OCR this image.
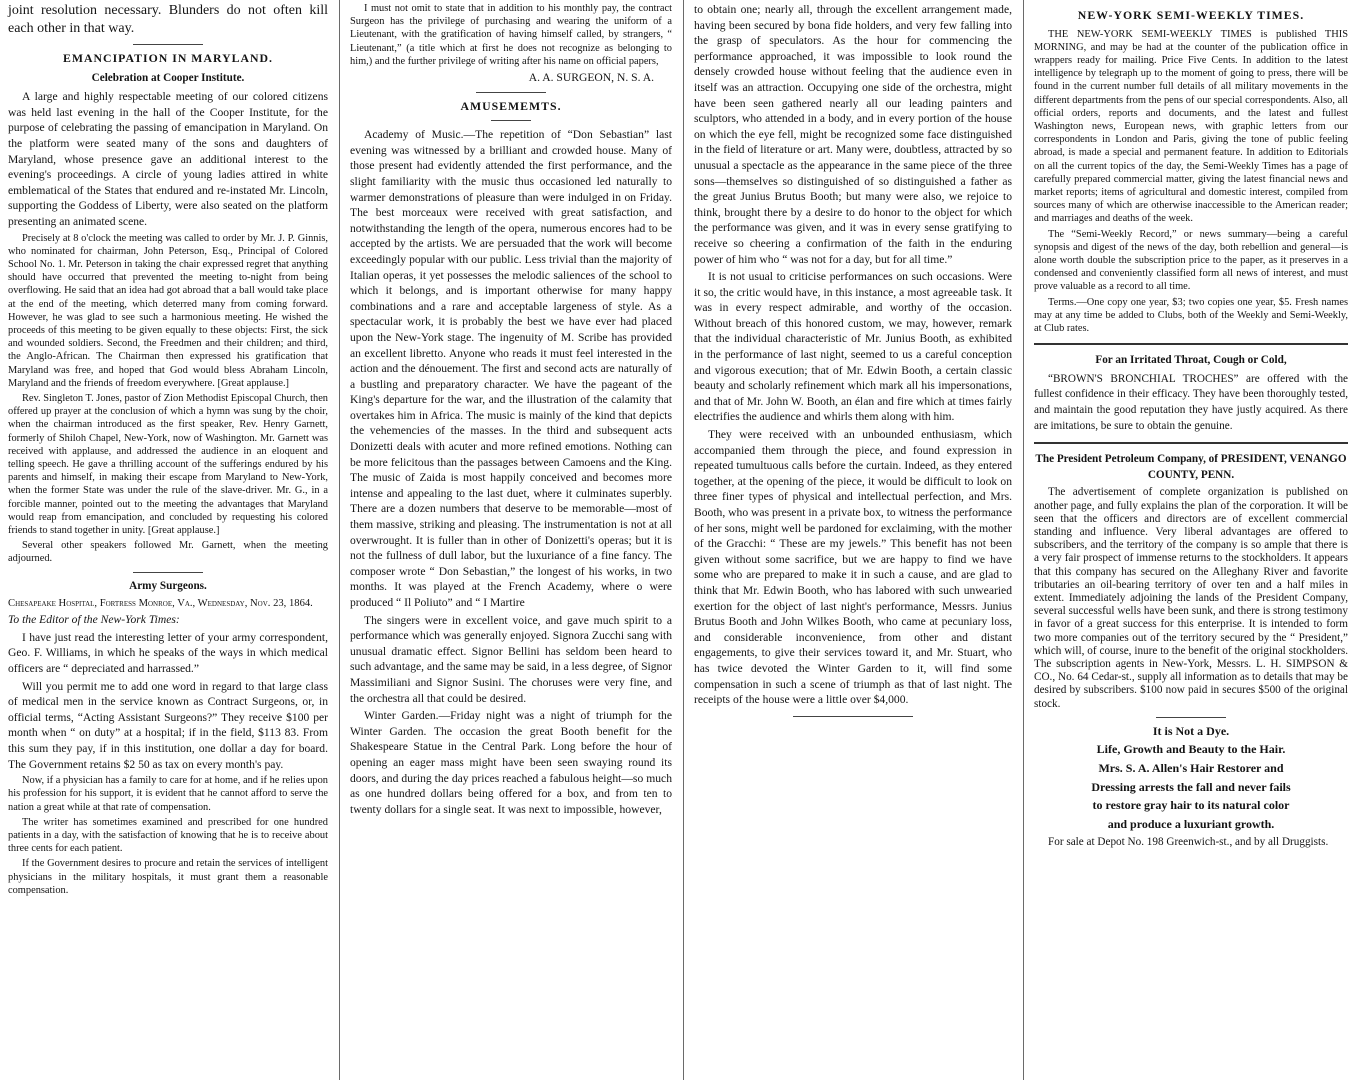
joint resolution necessary. Blunders do not often kill each other in that way.

EMANCIPATION IN MARYLAND.
Celebration at Cooper Institute.

A large and highly respectable meeting of our colored citizens was held last evening in the hall of the Cooper Institute, for the purpose of celebrating the passing of emancipation in Maryland. On the platform were seated many of the sons and daughters of Maryland, whose presence gave an additional interest to the evening's proceedings. A circle of young ladies attired in white emblematical of the States that endured and re-instated Mr. Lincoln, supporting the Goddess of Liberty, were also seated on the platform presenting an animated scene.

Precisely at 8 o'clock the meeting was called to order by Mr. J. P. Ginnis, who nominated for chairman, John Peterson, Esq., Principal of Colored School No. 1. Mr. Peterson in taking the chair expressed regret that anything should have occurred that prevented the meeting to-night from being overflowing. He said that an idea had got abroad that a ball would take place at the end of the meeting, which deterred many from coming forward. However, he was glad to see such a harmonious meeting. He wished the proceeds of this meeting to be given equally to these objects: First, the sick and wounded soldiers. Second, the Freedmen and their children; and third, the Anglo-African. The Chairman then expressed his gratification that Maryland was free, and hoped that God would bless Abraham Lincoln, Maryland and the friends of freedom everywhere. [Great applause.]

Rev. Singleton T. Jones, pastor of Zion Methodist Episcopal Church, then offered up prayer at the conclusion of which a hymn was sung by the choir, when the chairman introduced as the first speaker, Rev. Henry Garnett, formerly of Shiloh Chapel, New-York, now of Washington. Mr. Garnett was received with applause, and addressed the audience in an eloquent and telling speech. He gave a thrilling account of the sufferings endured by his parents and himself, in making their escape from Maryland to New-York, when the former State was under the rule of the slave-driver. Mr. G., in a forcible manner, pointed out to the meeting the advantages that Maryland would reap from emancipation, and concluded by requesting his colored friends to stand together in unity. [Great applause.]

Several other speakers followed Mr. Garnett, when the meeting adjourned.

Army Surgeons.

Chesapeake Hospital, Fortress Monroe, Va., Wednesday, Nov. 23, 1864.

To the Editor of the New-York Times:

I have just read the interesting letter of your army correspondent, Geo. F. Williams, in which he speaks of the ways in which medical officers are “ depreciated and harrassed.”

Will you permit me to add one word in regard to that large class of medical men in the service known as Contract Surgeons, or, in official terms, “Acting Assistant Surgeons?” They receive $100 per month when “ on duty” at a hospital; if in the field, $113 83. From this sum they pay, if in this institution, one dollar a day for board. The Government retains $2 50 as tax on every month's pay.

Now, if a physician has a family to care for at home, and if he relies upon his profession for his support, it is evident that he cannot afford to serve the nation a great while at that rate of compensation.

The writer has sometimes examined and prescribed for one hundred patients in a day, with the satisfaction of knowing that he is to receive about three cents for each patient.

If the Government desires to procure and retain the services of intelligent physicians in the military hospitals, it must grant them a reasonable compensation.

I must not omit to state that in addition to his monthly pay, the contract Surgeon has the privilege of purchasing and wearing the uniform of a Lieutenant, with the gratification of having himself called, by strangers, “ Lieutenant,” (a title which at first he does not recognize as belonging to him,) and the further privilege of writing after his name on official papers,

A. A. SURGEON, N. S. A.

AMUSEMEMTS.

Academy of Music.—The repetition of “Don Sebastian” last evening was witnessed by a brilliant and crowded house. Many of those present had evidently attended the first performance, and the slight familiarity with the music thus occasioned led naturally to warmer demonstrations of pleasure than were indulged in on Friday. The best morceaux were received with great satisfaction, and notwithstanding the length of the opera, numerous encores had to be accepted by the artists. We are persuaded that the work will become exceedingly popular with our public. Less trivial than the majority of Italian operas, it yet possesses the melodic saliences of the school to which it belongs, and is important otherwise for many happy combinations and a rare and acceptable largeness of style. As a spectacular work, it is probably the best we have ever had placed upon the New-York stage. The ingenuity of M. Scribe has provided an excellent libretto. Anyone who reads it must feel interested in the action and the dénouement. The first and second acts are naturally of a bustling and preparatory character. We have the pageant of the King's departure for the war, and the illustration of the calamity that overtakes him in Africa. The music is mainly of the kind that depicts the vehemencies of the masses. In the third and subsequent acts Donizetti deals with acuter and more refined emotions. Nothing can be more felicitous than the passages between Camoens and the King. The music of Zaida is most happily conceived and becomes more intense and appealing to the last duet, where it culminates superbly. There are a dozen numbers that deserve to be memorable—most of them massive, striking and pleasing. The instrumentation is not at all overwrought. It is fuller than in other of Donizetti's operas; but it is not the fullness of dull labor, but the luxuriance of a fine fancy. The composer wrote “ Don Sebastian,” the longest of his works, in two months. It was played at the French Academy, where o were produced “ Il Poliuto” and “ I Martire

The singers were in excellent voice, and gave much spirit to a performance which was generally enjoyed. Signora Zucchi sang with unusual dramatic effect. Signor Bellini has seldom been heard to such advantage, and the same may be said, in a less degree, of Signor Massimiliani and Signor Susini. The choruses were very fine, and the orchestra all that could be desired.

Winter Garden.—Friday night was a night of triumph for the Winter Garden. The occasion the great Booth benefit for the Shakespeare Statue in the Central Park. Long before the hour of opening an eager mass might have been seen swaying round its doors, and during the day prices reached a fabulous height—so much as one hundred dollars being offered for a box, and from ten to twenty dollars for a single seat. It was next to impossible, however,

to obtain one; nearly all, through the excellent arrangement made, having been secured by bona fide holders, and very few falling into the grasp of speculators. As the hour for commencing the performance approached, it was impossible to look round the densely crowded house without feeling that the audience even in itself was an attraction. Occupying one side of the orchestra, might have been seen gathered nearly all our leading painters and sculptors, who attended in a body, and in every portion of the house on which the eye fell, might be recognized some face distinguished in the field of literature or art. Many were, doubtless, attracted by so unusual a spectacle as the appearance in the same piece of the three sons—themselves so distinguished of so distinguished a father as the great Junius Brutus Booth; but many were also, we rejoice to think, brought there by a desire to do honor to the object for which the performance was given, and it was in every sense gratifying to receive so cheering a confirmation of the faith in the enduring power of him who “ was not for a day, but for all time.”

It is not usual to criticise performances on such occasions. Were it so, the critic would have, in this instance, a most agreeable task. It was in every respect admirable, and worthy of the occasion. Without breach of this honored custom, we may, however, remark that the individual characteristic of Mr. Junius Booth, as exhibited in the performance of last night, seemed to us a careful conception and vigorous execution; that of Mr. Edwin Booth, a certain classic beauty and scholarly refinement which mark all his impersonations, and that of Mr. John W. Booth, an élan and fire which at times fairly electrifies the audience and whirls them along with him.

They were received with an unbounded enthusiasm, which accompanied them through the piece, and found expression in repeated tumultuous calls before the curtain. Indeed, as they entered together, at the opening of the piece, it would be difficult to look on three finer types of physical and intellectual perfection, and Mrs. Booth, who was present in a private box, to witness the performance of her sons, might well be pardoned for exclaiming, with the mother of the Gracchi: “ These are my jewels.” This benefit has not been given without some sacrifice, but we are happy to find we have some who are prepared to make it in such a cause, and are glad to think that Mr. Edwin Booth, who has labored with such unwearied exertion for the object of last night's performance, Messrs. Junius Brutus Booth and John Wilkes Booth, who came at pecuniary loss, and considerable inconvenience, from other and distant engagements, to give their services toward it, and Mr. Stuart, who has twice devoted the Winter Garden to it, will find some compensation in such a scene of triumph as that of last night. The receipts of the house were a little over $4,000.

NEW-YORK SEMI-WEEKLY TIMES.

THE NEW-YORK SEMI-WEEKLY TIMES is published THIS MORNING, and may be had at the counter of the publication office in wrappers ready for mailing. Price Five Cents. In addition to the latest intelligence by telegraph up to the moment of going to press, there will be found in the current number full details of all military movements in the different departments from the pens of our special correspondents. Also, all official orders, reports and documents, and the latest and fullest Washington news, European news, with graphic letters from our correspondents in London and Paris, giving the tone of public feeling abroad, is made a special and permanent feature. In addition to Editorials on all the current topics of the day, the Semi-Weekly Times has a page of carefully prepared commercial matter, giving the latest financial news and market reports; items of agricultural and domestic interest, compiled from sources many of which are otherwise inaccessible to the American reader; and marriages and deaths of the week.

The “Semi-Weekly Record,” or news summary—being a careful synopsis and digest of the news of the day, both rebellion and general—is alone worth double the subscription price to the paper, as it preserves in a condensed and conveniently classified form all news of interest, and must prove valuable as a record to all time.

Terms.—One copy one year, $3; two copies one year, $5. Fresh names may at any time be added to Clubs, both of the Weekly and Semi-Weekly, at Club rates.

For an Irritated Throat, Cough or Cold,

“BROWN'S BRONCHIAL TROCHES” are offered with the fullest confidence in their efficacy. They have been thoroughly tested, and maintain the good reputation they have justly acquired. As there are imitations, be sure to obtain the genuine.

The President Petroleum Company, of PRESIDENT, VENANGO COUNTY, PENN.

The advertisement of complete organization is published on another page, and fully explains the plan of the corporation. It will be seen that the officers and directors are of excellent commercial standing and influence. Very liberal advantages are offered to subscribers, and the territory of the company is so ample that there is a very fair prospect of immense returns to the stockholders. It appears that this company has secured on the Alleghany River and favorite tributaries an oil-bearing territory of over ten and a half miles in extent. Immediately adjoining the lands of the President Company, several successful wells have been sunk, and there is strong testimony in favor of a great success for this enterprise. It is intended to form two more companies out of the territory secured by the “ President,” which will, of course, inure to the benefit of the original stockholders. The subscription agents in New-York, Messrs. L. H. SIMPSON & CO., No. 64 Cedar-st., supply all information as to details that may be desired by subscribers. $100 now paid in secures $500 of the original stock.

It is Not a Dye.
Life, Growth and Beauty to the Hair.
Mrs. S. A. Allen's Hair Restorer and
Dressing arrests the fall and never fails
to restore gray hair to its natural color
and produce a luxuriant growth.

For sale at Depot No. 198 Greenwich-st., and by all Druggists.
